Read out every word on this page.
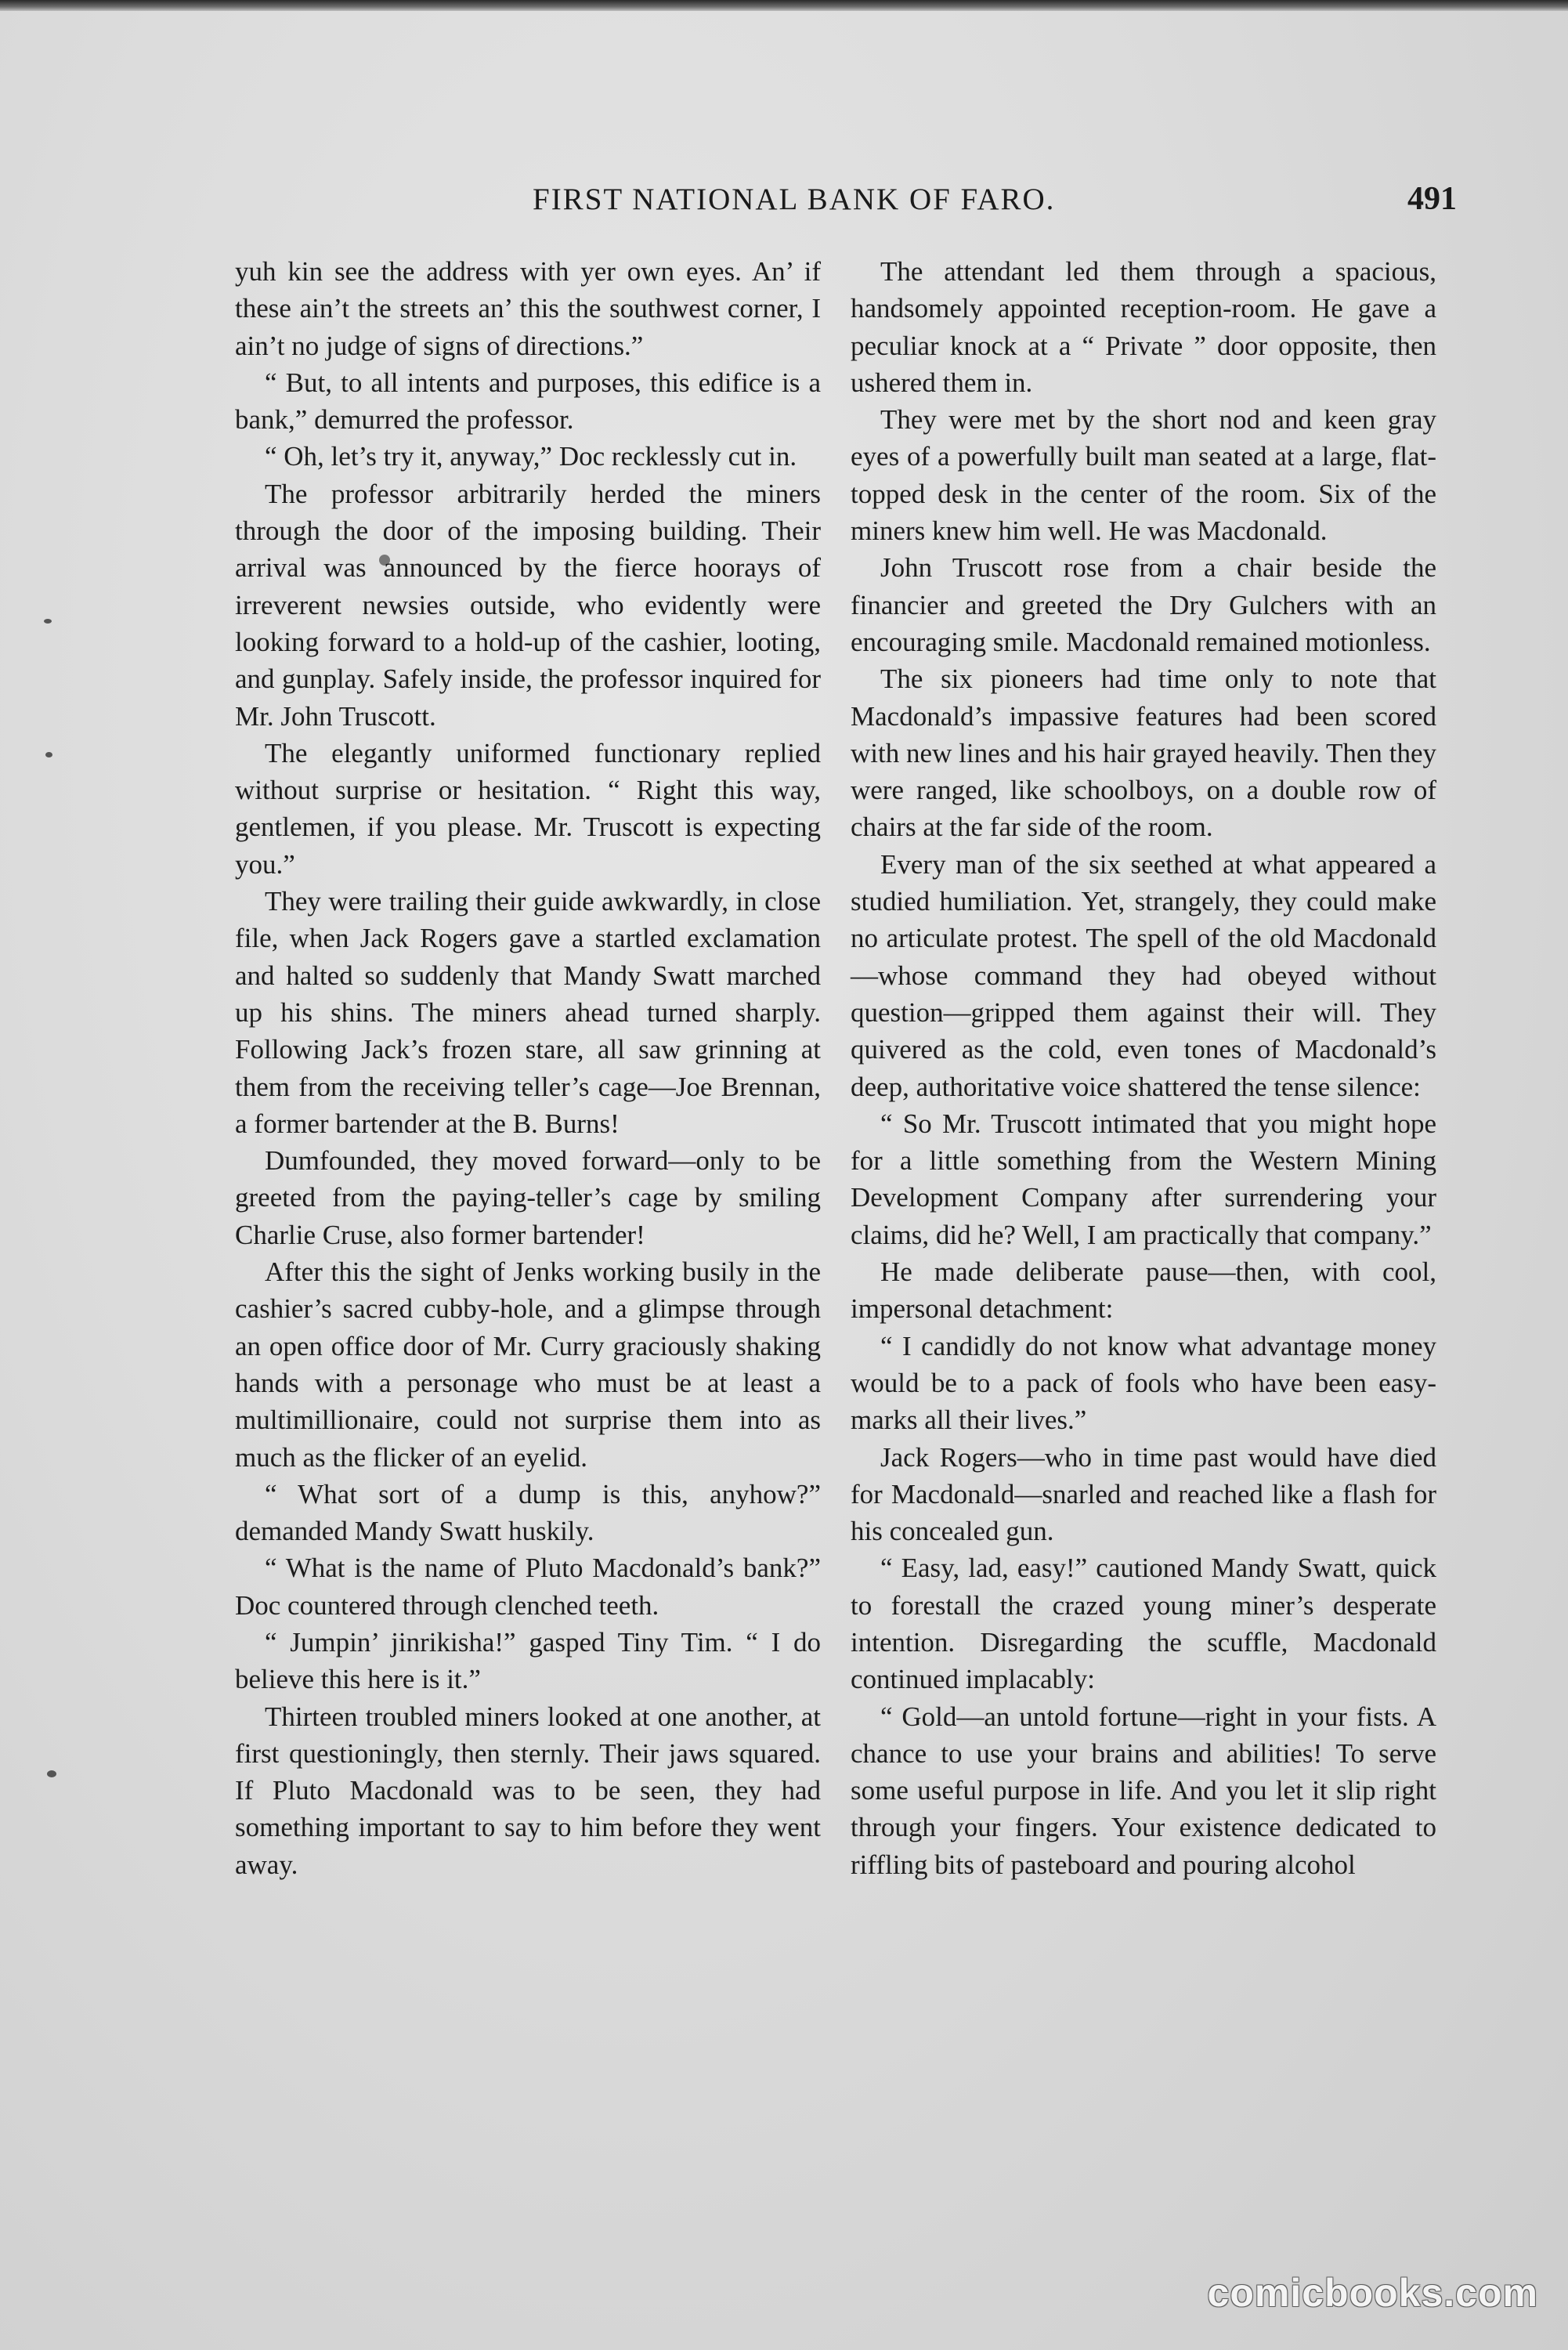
FIRST NATIONAL BANK OF FARO.	491

yuh kin see the address with yer own eyes. An’ if these ain’t the streets an’ this the southwest corner, I ain’t no judge of signs of directions.”

“ But, to all intents and purposes, this edifice is a bank,” demurred the professor.

“ Oh, let’s try it, anyway,” Doc recklessly cut in.

The professor arbitrarily herded the miners through the door of the imposing building. Their arrival was announced by the fierce hoorays of irreverent newsies outside, who evidently were looking forward to a hold-up of the cashier, looting, and gunplay. Safely inside, the professor inquired for Mr. John Truscott.

The elegantly uniformed functionary replied without surprise or hesitation. “ Right this way, gentlemen, if you please. Mr. Truscott is expecting you.”

They were trailing their guide awkwardly, in close file, when Jack Rogers gave a startled exclamation and halted so suddenly that Mandy Swatt marched up his shins. The miners ahead turned sharply. Following Jack’s frozen stare, all saw grinning at them from the receiving teller’s cage—Joe Brennan, a former bartender at the B. Burns!

Dumfounded, they moved forward—only to be greeted from the paying-teller’s cage by smiling Charlie Cruse, also former bartender!

After this the sight of Jenks working busily in the cashier’s sacred cubby-hole, and a glimpse through an open office door of Mr. Curry graciously shaking hands with a personage who must be at least a multimillionaire, could not surprise them into as much as the flicker of an eyelid.

“ What sort of a dump is this, anyhow?” demanded Mandy Swatt huskily.

“ What is the name of Pluto Macdonald’s bank?” Doc countered through clenched teeth.

“ Jumpin’ jinrikisha!” gasped Tiny Tim. “ I do believe this here is it.”

Thirteen troubled miners looked at one another, at first questioningly, then sternly. Their jaws squared. If Pluto Macdonald was to be seen, they had something important to say to him before they went away.

The attendant led them through a spacious, handsomely appointed reception-room. He gave a peculiar knock at a “ Private ” door opposite, then ushered them in.

They were met by the short nod and keen gray eyes of a powerfully built man seated at a large, flat-topped desk in the center of the room. Six of the miners knew him well. He was Macdonald.

John Truscott rose from a chair beside the financier and greeted the Dry Gulchers with an encouraging smile. Macdonald remained motionless.

The six pioneers had time only to note that Macdonald’s impassive features had been scored with new lines and his hair grayed heavily. Then they were ranged, like schoolboys, on a double row of chairs at the far side of the room.

Every man of the six seethed at what appeared a studied humiliation. Yet, strangely, they could make no articulate protest. The spell of the old Macdonald—whose command they had obeyed without question—gripped them against their will. They quivered as the cold, even tones of Macdonald’s deep, authoritative voice shattered the tense silence:

“ So Mr. Truscott intimated that you might hope for a little something from the Western Mining Development Company after surrendering your claims, did he? Well, I am practically that company.”

He made deliberate pause—then, with cool, impersonal detachment:

“ I candidly do not know what advantage money would be to a pack of fools who have been easy-marks all their lives.”

Jack Rogers—who in time past would have died for Macdonald—snarled and reached like a flash for his concealed gun.

“ Easy, lad, easy!” cautioned Mandy Swatt, quick to forestall the crazed young miner’s desperate intention. Disregarding the scuffle, Macdonald continued implacably:

“ Gold—an untold fortune—right in your fists. A chance to use your brains and abilities! To serve some useful purpose in life. And you let it slip right through your fingers. Your existence dedicated to riffling bits of pasteboard and pouring alcohol

comicbooks.com
